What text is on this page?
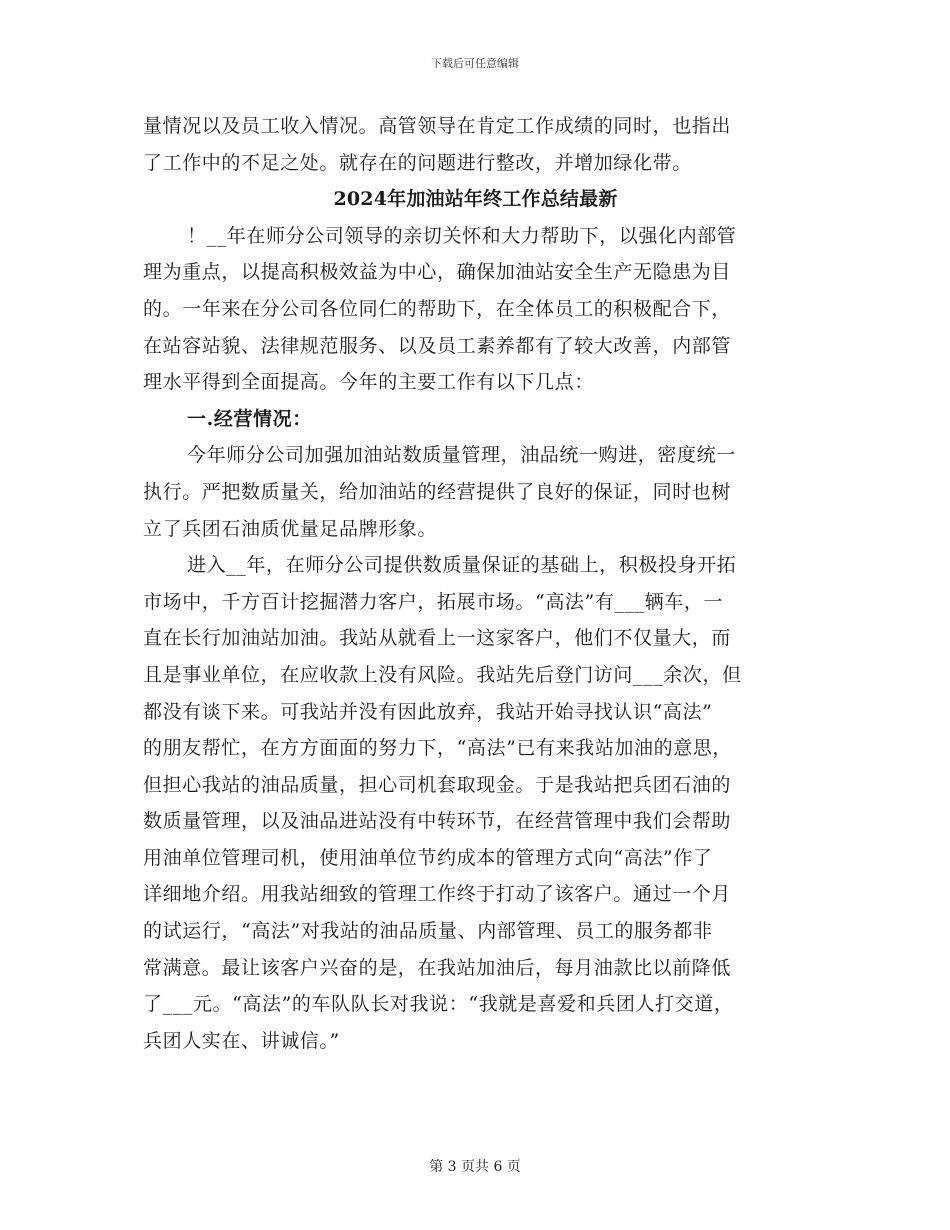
下载后可任意编辑
量情况以及员工收入情况。高管领导在肯定工作成绩的同时，也指出
了工作中的不足之处。就存在的问题进行整改，并增加绿化带。
2024年加油站年终工作总结最新
！__年在师分公司领导的亲切关怀和大力帮助下，以强化内部管
理为重点，以提高积极效益为中心，确保加油站安全生产无隐患为目
的。一年来在分公司各位同仁的帮助下，在全体员工的积极配合下，
在站容站貌、法律规范服务、以及员工素养都有了较大改善，内部管
理水平得到全面提高。今年的主要工作有以下几点：
一.经营情况：
今年师分公司加强加油站数质量管理，油品统一购进，密度统一
执行。严把数质量关，给加油站的经营提供了良好的保证，同时也树
立了兵团石油质优量足品牌形象。
进入__年，在师分公司提供数质量保证的基础上，积极投身开拓
市场中，千方百计挖掘潜力客户，拓展市场。“高法”有___辆车，一
直在长行加油站加油。我站从就看上一这家客户，他们不仅量大，而
且是事业单位，在应收款上没有风险。我站先后登门访问___余次，但
都没有谈下来。可我站并没有因此放弃，我站开始寻找认识“高法”
的朋友帮忙，在方方面面的努力下，“高法”已有来我站加油的意思，
但担心我站的油品质量，担心司机套取现金。于是我站把兵团石油的
数质量管理，以及油品进站没有中转环节，在经营管理中我们会帮助
用油单位管理司机，使用油单位节约成本的管理方式向“高法”作了
详细地介绍。用我站细致的管理工作终于打动了该客户。通过一个月
的试运行，“高法”对我站的油品质量、内部管理、员工的服务都非
常满意。最让该客户兴奋的是，在我站加油后，每月油款比以前降低
了___元。“高法”的车队队长对我说：“我就是喜爱和兵团人打交道，
兵团人实在、讲诚信。”
第 3 页共 6 页
